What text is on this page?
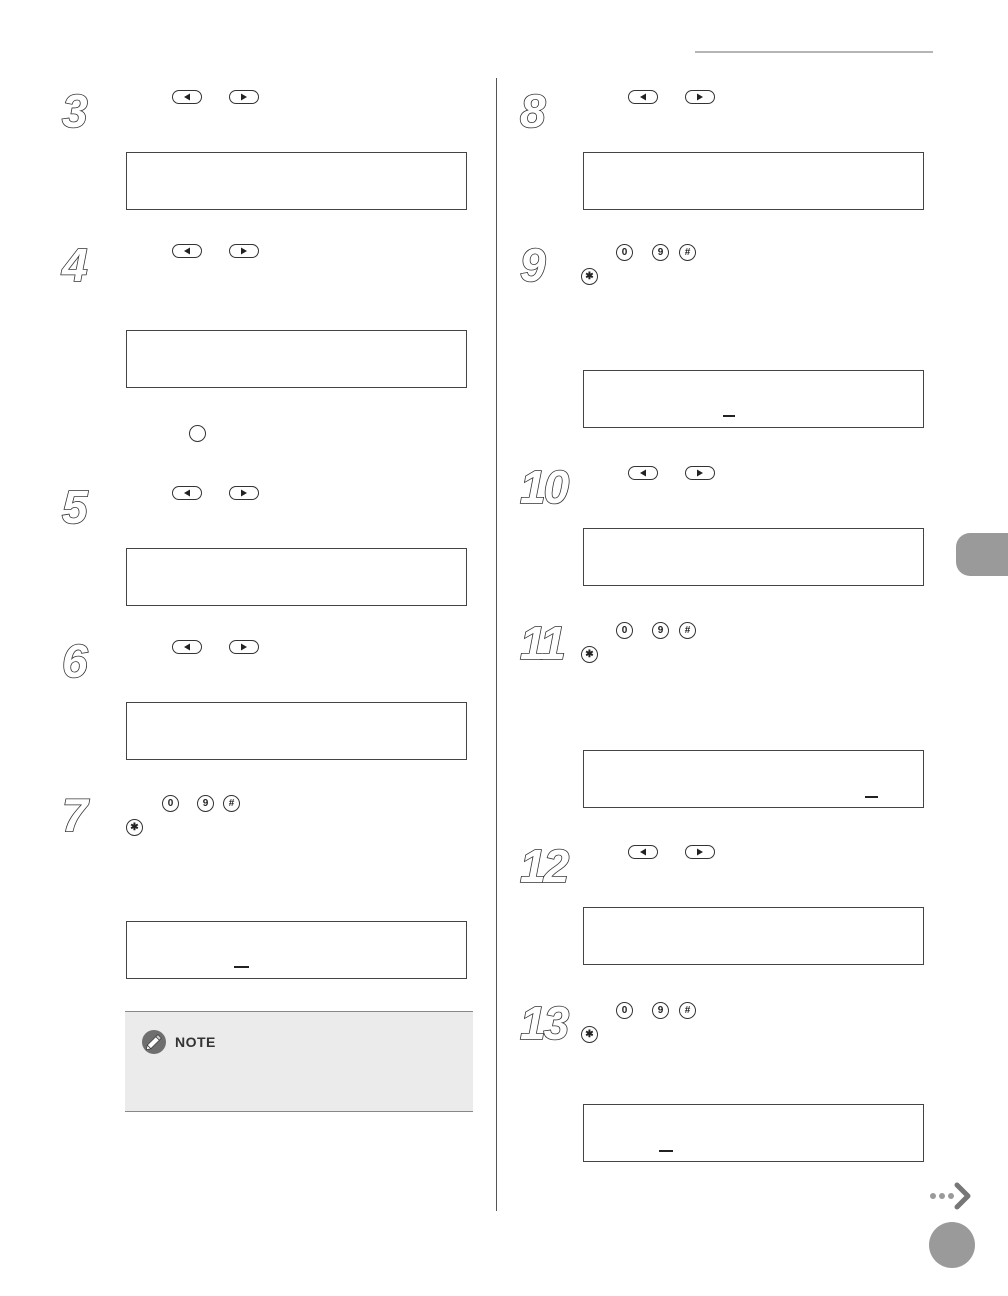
3
4
5
6
7	0	9	#
✱
NOTE
8
9	0	9	#
✱
10
11	0	9	#
✱
12
13	0	9	#
✱
